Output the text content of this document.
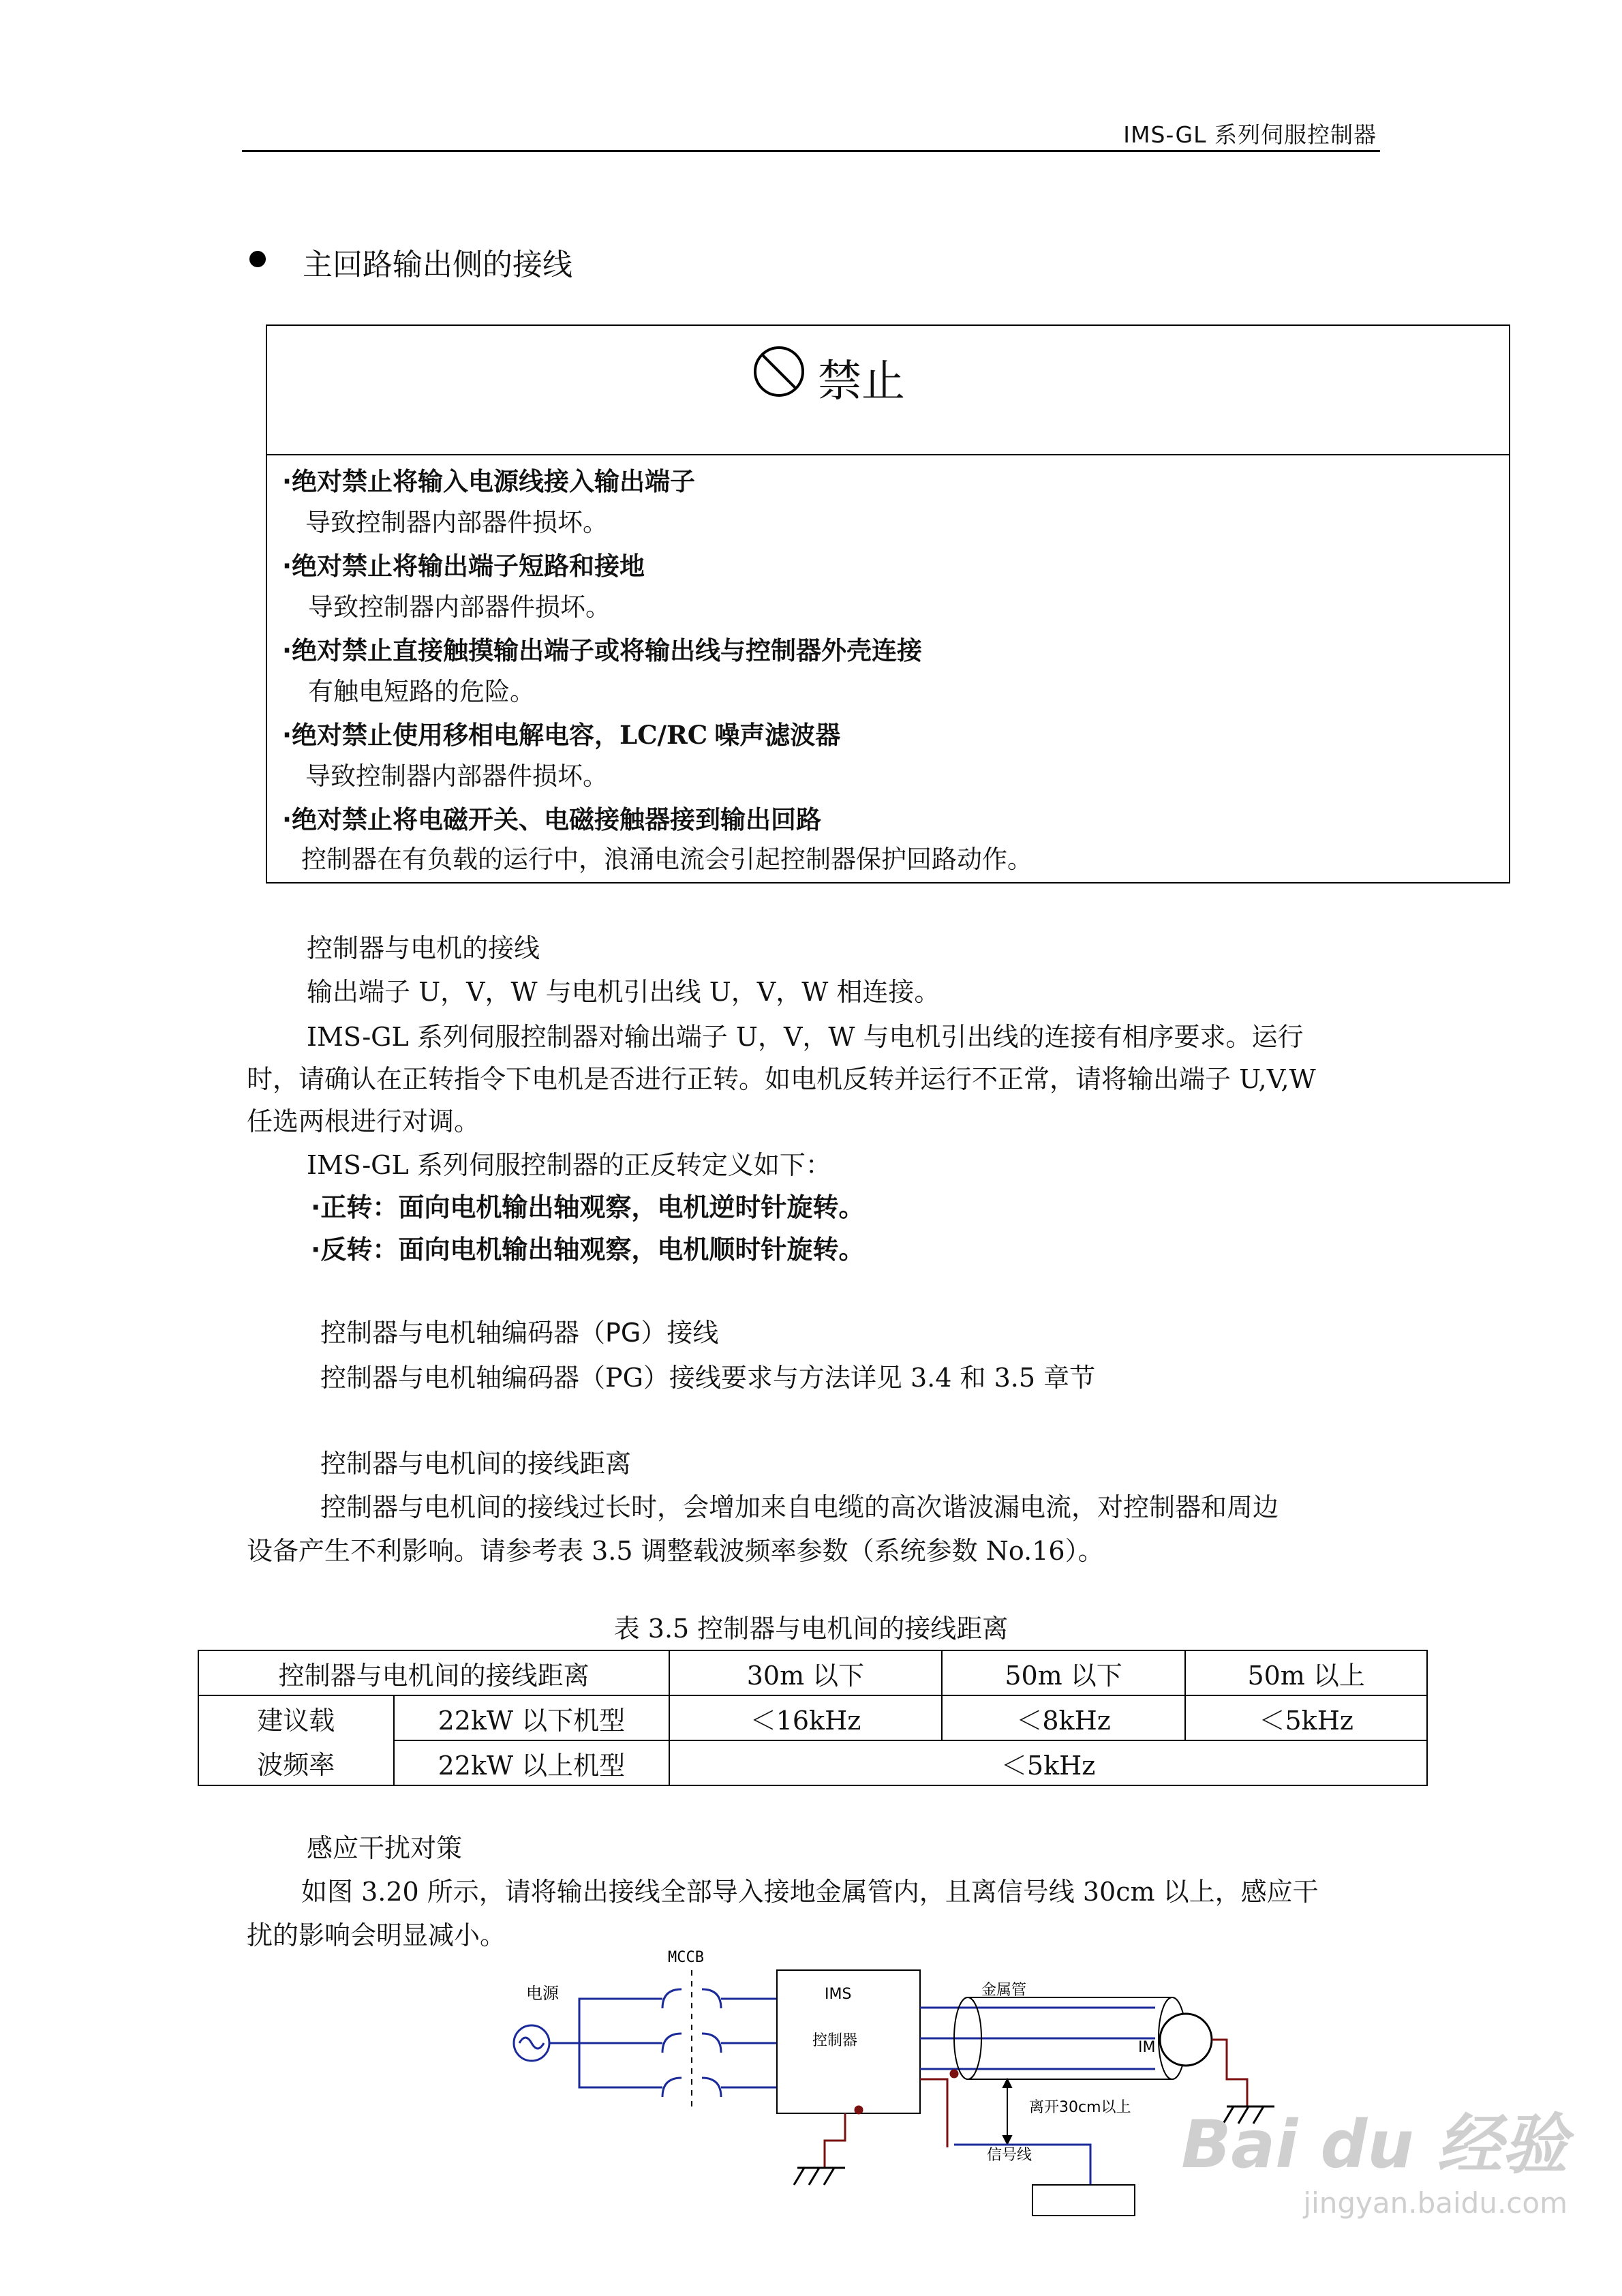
IMS-GL 系列伺服控制器
主回路输出侧的接线
禁止
·绝对禁止将输入电源线接入输出端子
导致控制器内部器件损坏。
·绝对禁止将输出端子短路和接地
导致控制器内部器件损坏。
·绝对禁止直接触摸输出端子或将输出线与控制器外壳连接
有触电短路的危险。
·绝对禁止使用移相电解电容，LC/RC 噪声滤波器
导致控制器内部器件损坏。
·绝对禁止将电磁开关、电磁接触器接到输出回路
控制器在有负载的运行中，浪涌电流会引起控制器保护回路动作。
控制器与电机的接线
输出端子 U，V，W 与电机引出线 U，V，W 相连接。
IMS-GL 系列伺服控制器对输出端子 U，V，W 与电机引出线的连接有相序要求。运行
时，请确认在正转指令下电机是否进行正转。如电机反转并运行不正常，请将输出端子 U,V,W
任选两根进行对调。
IMS-GL 系列伺服控制器的正反转定义如下：
·正转：面向电机输出轴观察，电机逆时针旋转。
·反转：面向电机输出轴观察，电机顺时针旋转。
控制器与电机轴编码器（PG）接线
控制器与电机轴编码器（PG）接线要求与方法详见 3.4 和 3.5 章节
控制器与电机间的接线距离
控制器与电机间的接线过长时，会增加来自电缆的高次谐波漏电流，对控制器和周边
设备产生不利影响。请参考表 3.5 调整载波频率参数（系统参数 No.16）。
表 3.5 控制器与电机间的接线距离
控制器与电机间的接线距离		30m 以下	50m 以下	50m 以上
建议载	22kW 以下机型	＜16kHz	＜8kHz	＜5kHz
波频率	22kW 以上机型	＜5kHz		
感应干扰对策
如图 3.20 所示，请将输出接线全部导入接地金属管内，且离信号线 30cm 以上，感应干
扰的影响会明显减小。
MCCB
电源	IMS
控制器
金属管
IM
离开30cm以上
信号线 Bai du 经验
jingyan.baidu.com
